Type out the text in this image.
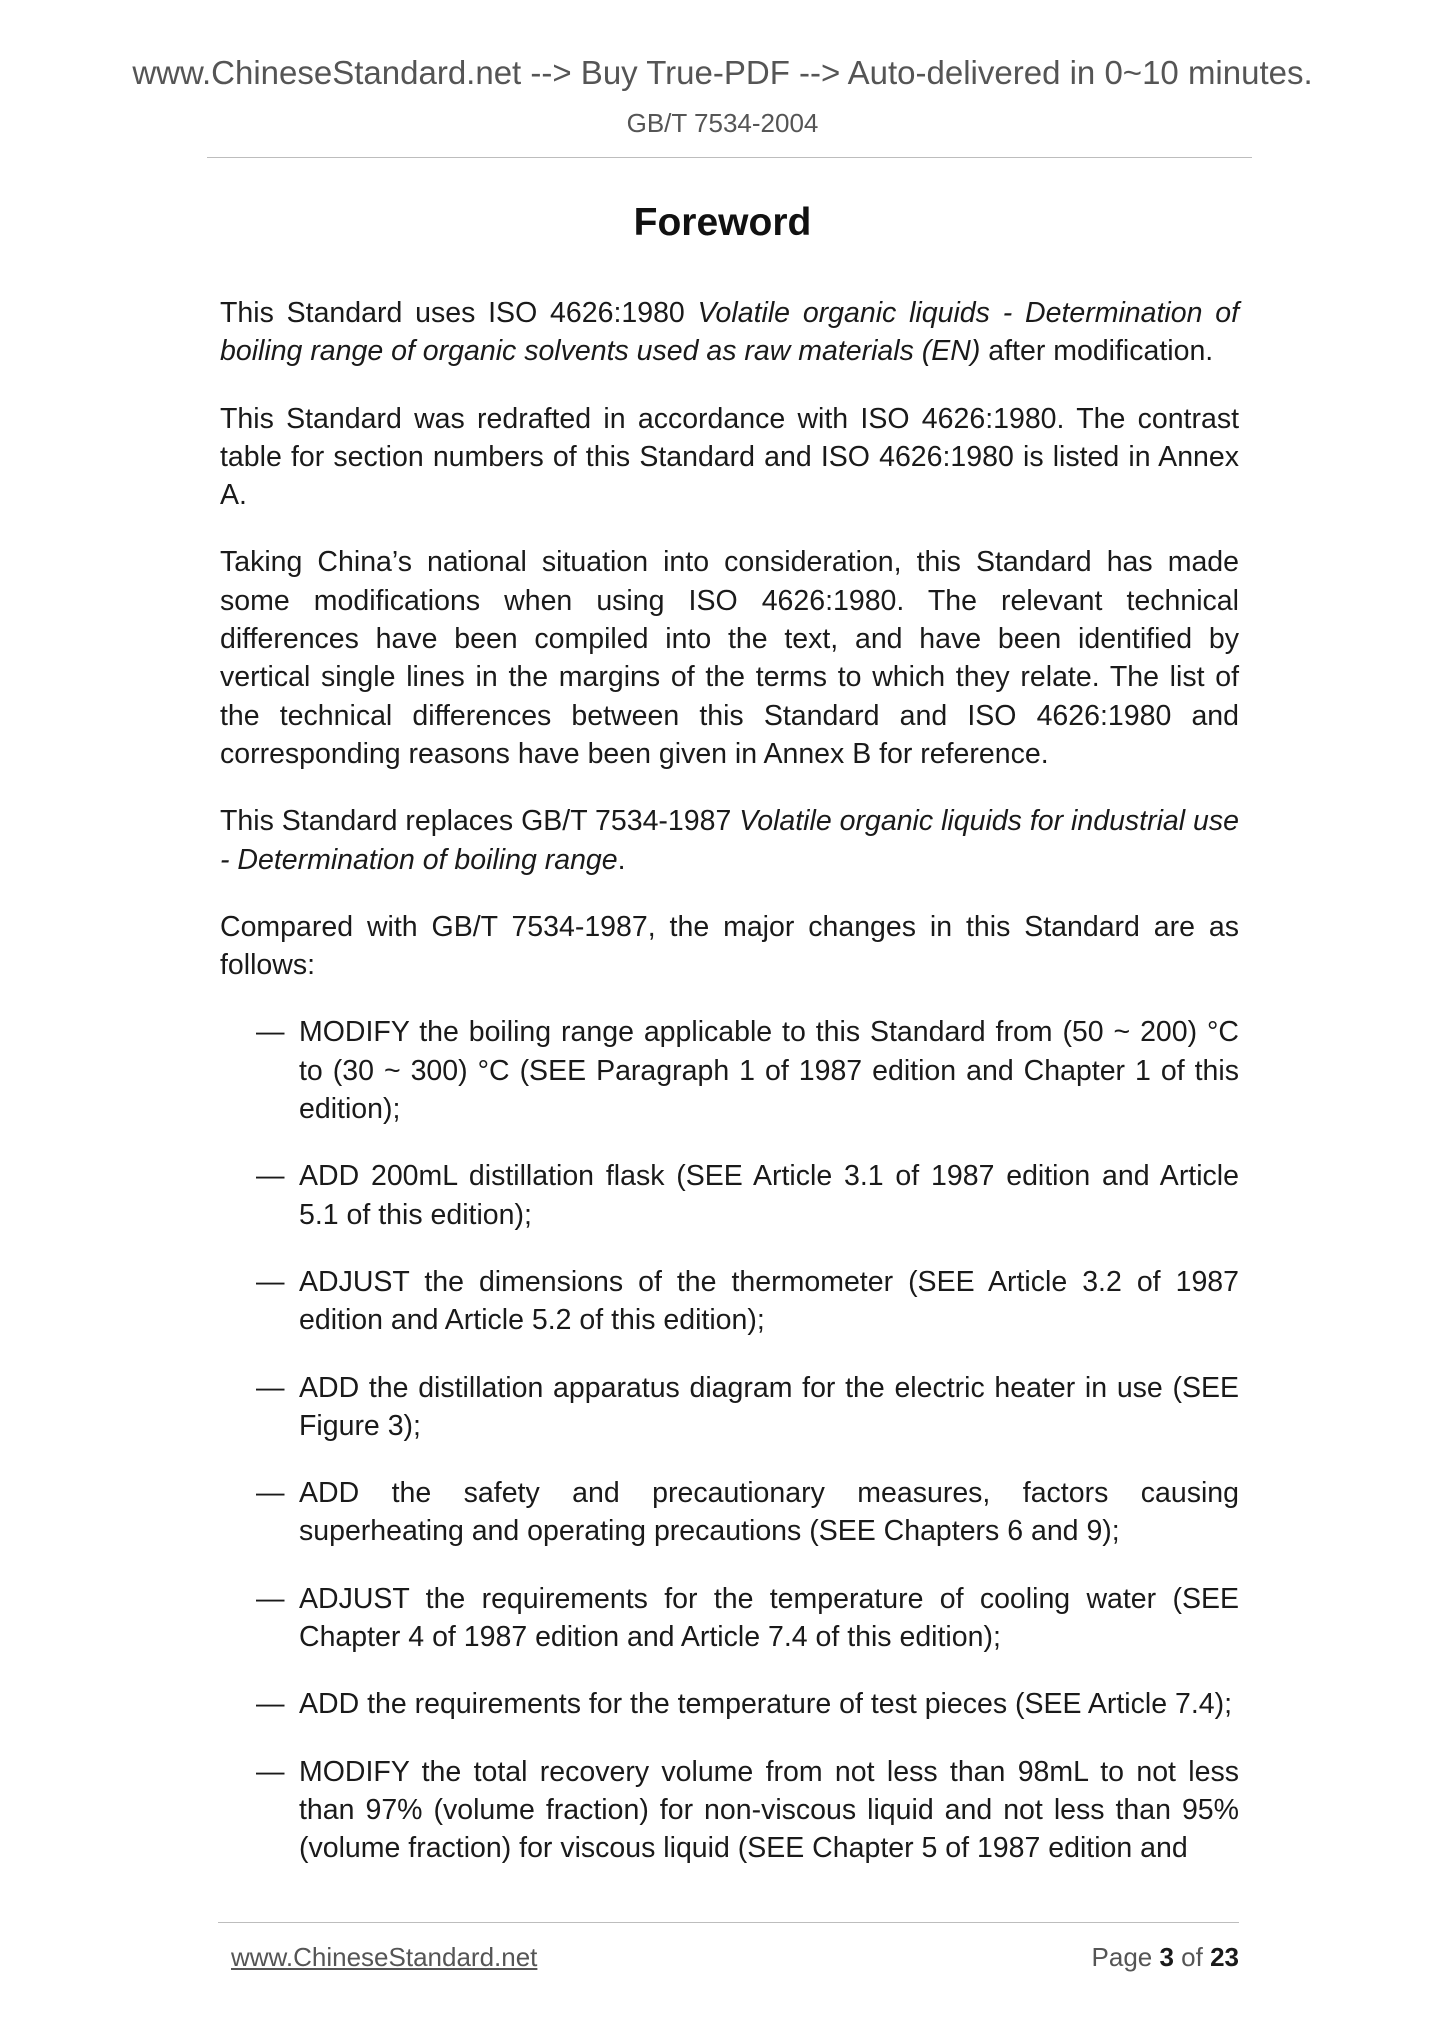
www.ChineseStandard.net --> Buy True-PDF --> Auto-delivered in 0~10 minutes.
GB/T 7534-2004
Foreword

This Standard uses ISO 4626:1980 Volatile organic liquids - Determination of boiling range of organic solvents used as raw materials (EN) after modification.

This Standard was redrafted in accordance with ISO 4626:1980. The contrast table for section numbers of this Standard and ISO 4626:1980 is listed in Annex A.

Taking China’s national situation into consideration, this Standard has made some modifications when using ISO 4626:1980. The relevant technical differences have been compiled into the text, and have been identified by vertical single lines in the margins of the terms to which they relate. The list of the technical differences between this Standard and ISO 4626:1980 and corresponding reasons have been given in Annex B for reference.

This Standard replaces GB/T 7534-1987 Volatile organic liquids for industrial use - Determination of boiling range.

Compared with GB/T 7534-1987, the major changes in this Standard are as follows:

— MODIFY the boiling range applicable to this Standard from (50 ~ 200) °C to (30 ~ 300) °C (SEE Paragraph 1 of 1987 edition and Chapter 1 of this edition);
— ADD 200mL distillation flask (SEE Article 3.1 of 1987 edition and Article 5.1 of this edition);
— ADJUST the dimensions of the thermometer (SEE Article 3.2 of 1987 edition and Article 5.2 of this edition);
— ADD the distillation apparatus diagram for the electric heater in use (SEE Figure 3);
— ADD the safety and precautionary measures, factors causing superheating and operating precautions (SEE Chapters 6 and 9);
— ADJUST the requirements for the temperature of cooling water (SEE Chapter 4 of 1987 edition and Article 7.4 of this edition);
— ADD the requirements for the temperature of test pieces (SEE Article 7.4);
— MODIFY the total recovery volume from not less than 98mL to not less than 97% (volume fraction) for non-viscous liquid and not less than 95% (volume fraction) for viscous liquid (SEE Chapter 5 of 1987 edition and
www.ChineseStandard.net	Page 3 of 23
